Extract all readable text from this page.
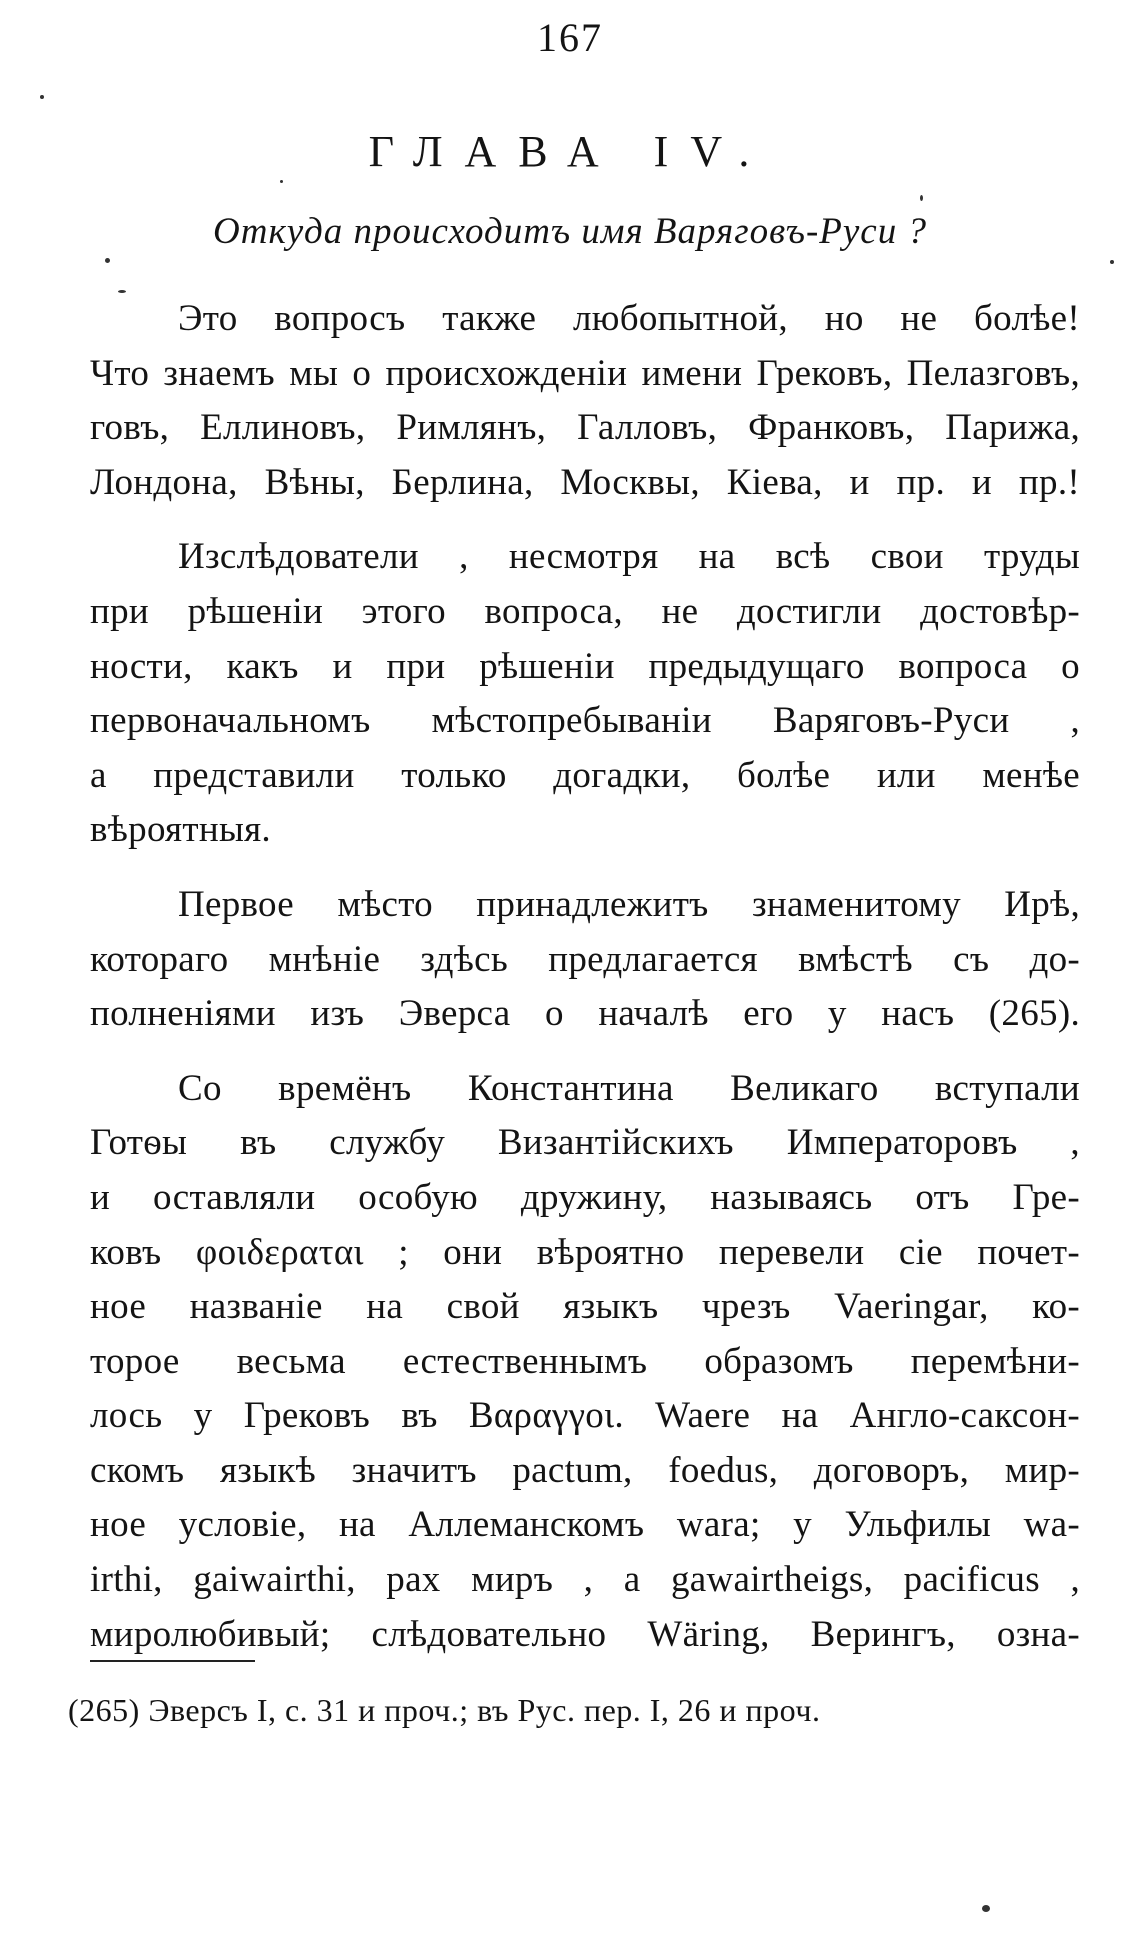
167
ГЛАВА IV.
Откуда происходитъ имя Варяговъ-Руси ?
Это вопросъ также любопытной, но не болѣе!
Что знаемъ мы о происхожденіи имени Грековъ, Пелазговъ,
говъ, Еллиновъ, Римлянъ, Галловъ, Франковъ, Парижа,
Лондона, Вѣны, Берлина, Москвы, Кіева, и пр. и пр.!
Изслѣдователи , несмотря на всѣ свои труды
при рѣшеніи этого вопроса, не достигли достовѣр-
ности, какъ и при рѣшеніи предыдущаго вопроса о
первоначальномъ мѣстопребываніи Варяговъ-Руси ,
а представили только догадки, болѣе или менѣе
вѣроятныя.
Первое мѣсто принадлежитъ знаменитому Ирѣ,
котораго мнѣніе здѣсь предлагается вмѣстѣ съ до-
полненіями изъ Эверса о началѣ его у насъ (265).
Со времёнъ Константина Великаго вступали
Готѳы въ службу Византійскихъ Императоровъ ,
и оставляли особую дружину, называясь отъ Гре-
ковъ φοιδεραται ; они вѣроятно перевели сіе почет-
ное названіе на свой языкъ чрезъ Vaeringar, ко-
торое весьма естественнымъ образомъ перемѣни-
лось у Грековъ въ Βαραγγοι. Waere на Англо-саксон-
скомъ языкѣ значитъ pactum, foedus, договоръ, мир-
ное условіе, на Аллеманскомъ wara; у Ульфилы wa-
irthi, gaiwairthi, pax миръ , a gawairtheigs, pacificus ,
миролюбивый; слѣдовательно Wäring, Верингъ, озна-
(265) Эверсъ I, с. 31 и проч.; въ Рус. пер. I, 26 и проч.
